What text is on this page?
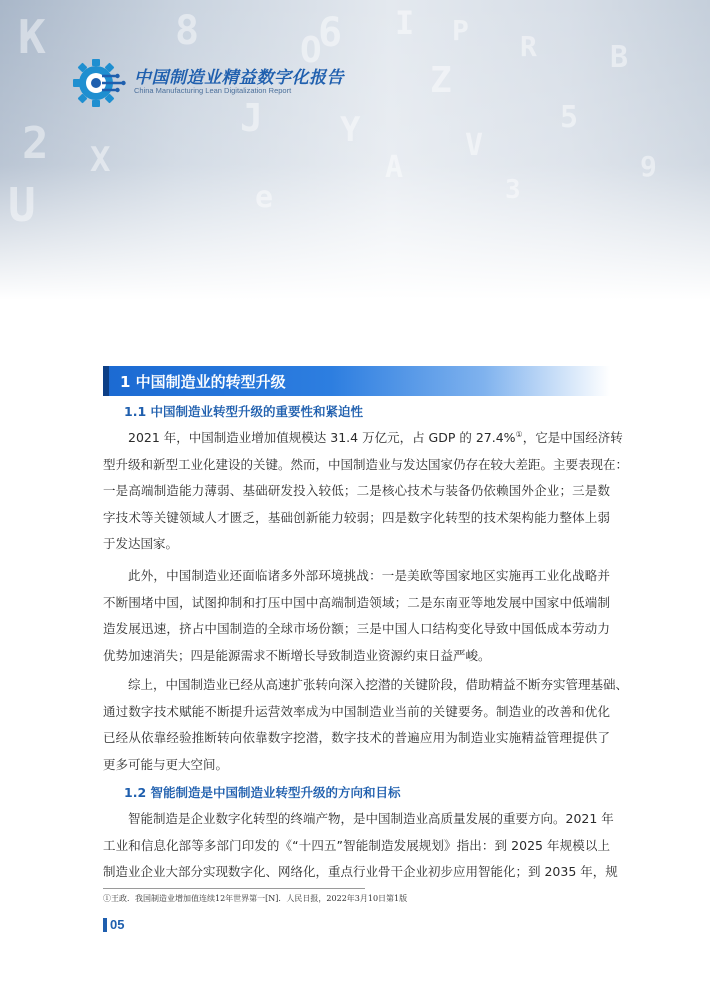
K
2
8
U
J
O
6
Y
A
Z
I
V
R
5
B
9
X
P
3
e
中国制造业精益数字化报告
China Manufacturing Lean Digitalization Report
1 中国制造业的转型升级
1.1 中国制造业转型升级的重要性和紧迫性
2021 年，中国制造业增加值规模达 31.4 万亿元，占 GDP 的 27.4%①，它是中国经济转
型升级和新型工业化建设的关键。然而，中国制造业与发达国家仍存在较大差距。主要表现在：
一是高端制造能力薄弱、基础研发投入较低；二是核心技术与装备仍依赖国外企业；三是数
字技术等关键领域人才匮乏，基础创新能力较弱；四是数字化转型的技术架构能力整体上弱
于发达国家。
此外，中国制造业还面临诸多外部环境挑战：一是美欧等国家地区实施再工业化战略并
不断围堵中国，试图抑制和打压中国中高端制造领域；二是东南亚等地发展中国家中低端制
造发展迅速，挤占中国制造的全球市场份额；三是中国人口结构变化导致中国低成本劳动力
优势加速消失；四是能源需求不断增长导致制造业资源约束日益严峻。
综上，中国制造业已经从高速扩张转向深入挖潜的关键阶段，借助精益不断夯实管理基础、
通过数字技术赋能不断提升运营效率成为中国制造业当前的关键要务。制造业的改善和优化
已经从依靠经验推断转向依靠数字挖潜，数字技术的普遍应用为制造业实施精益管理提供了
更多可能与更大空间。
1.2 智能制造是中国制造业转型升级的方向和目标
智能制造是企业数字化转型的终端产物，是中国制造业高质量发展的重要方向。2021 年
工业和信息化部等多部门印发的《“十四五”智能制造发展规划》指出：到 2025 年规模以上
制造业企业大部分实现数字化、网络化，重点行业骨干企业初步应用智能化；到 2035 年，规
①王政．我国制造业增加值连续12年世界第一[N]．人民日报，2022年3月10日第1版
05
